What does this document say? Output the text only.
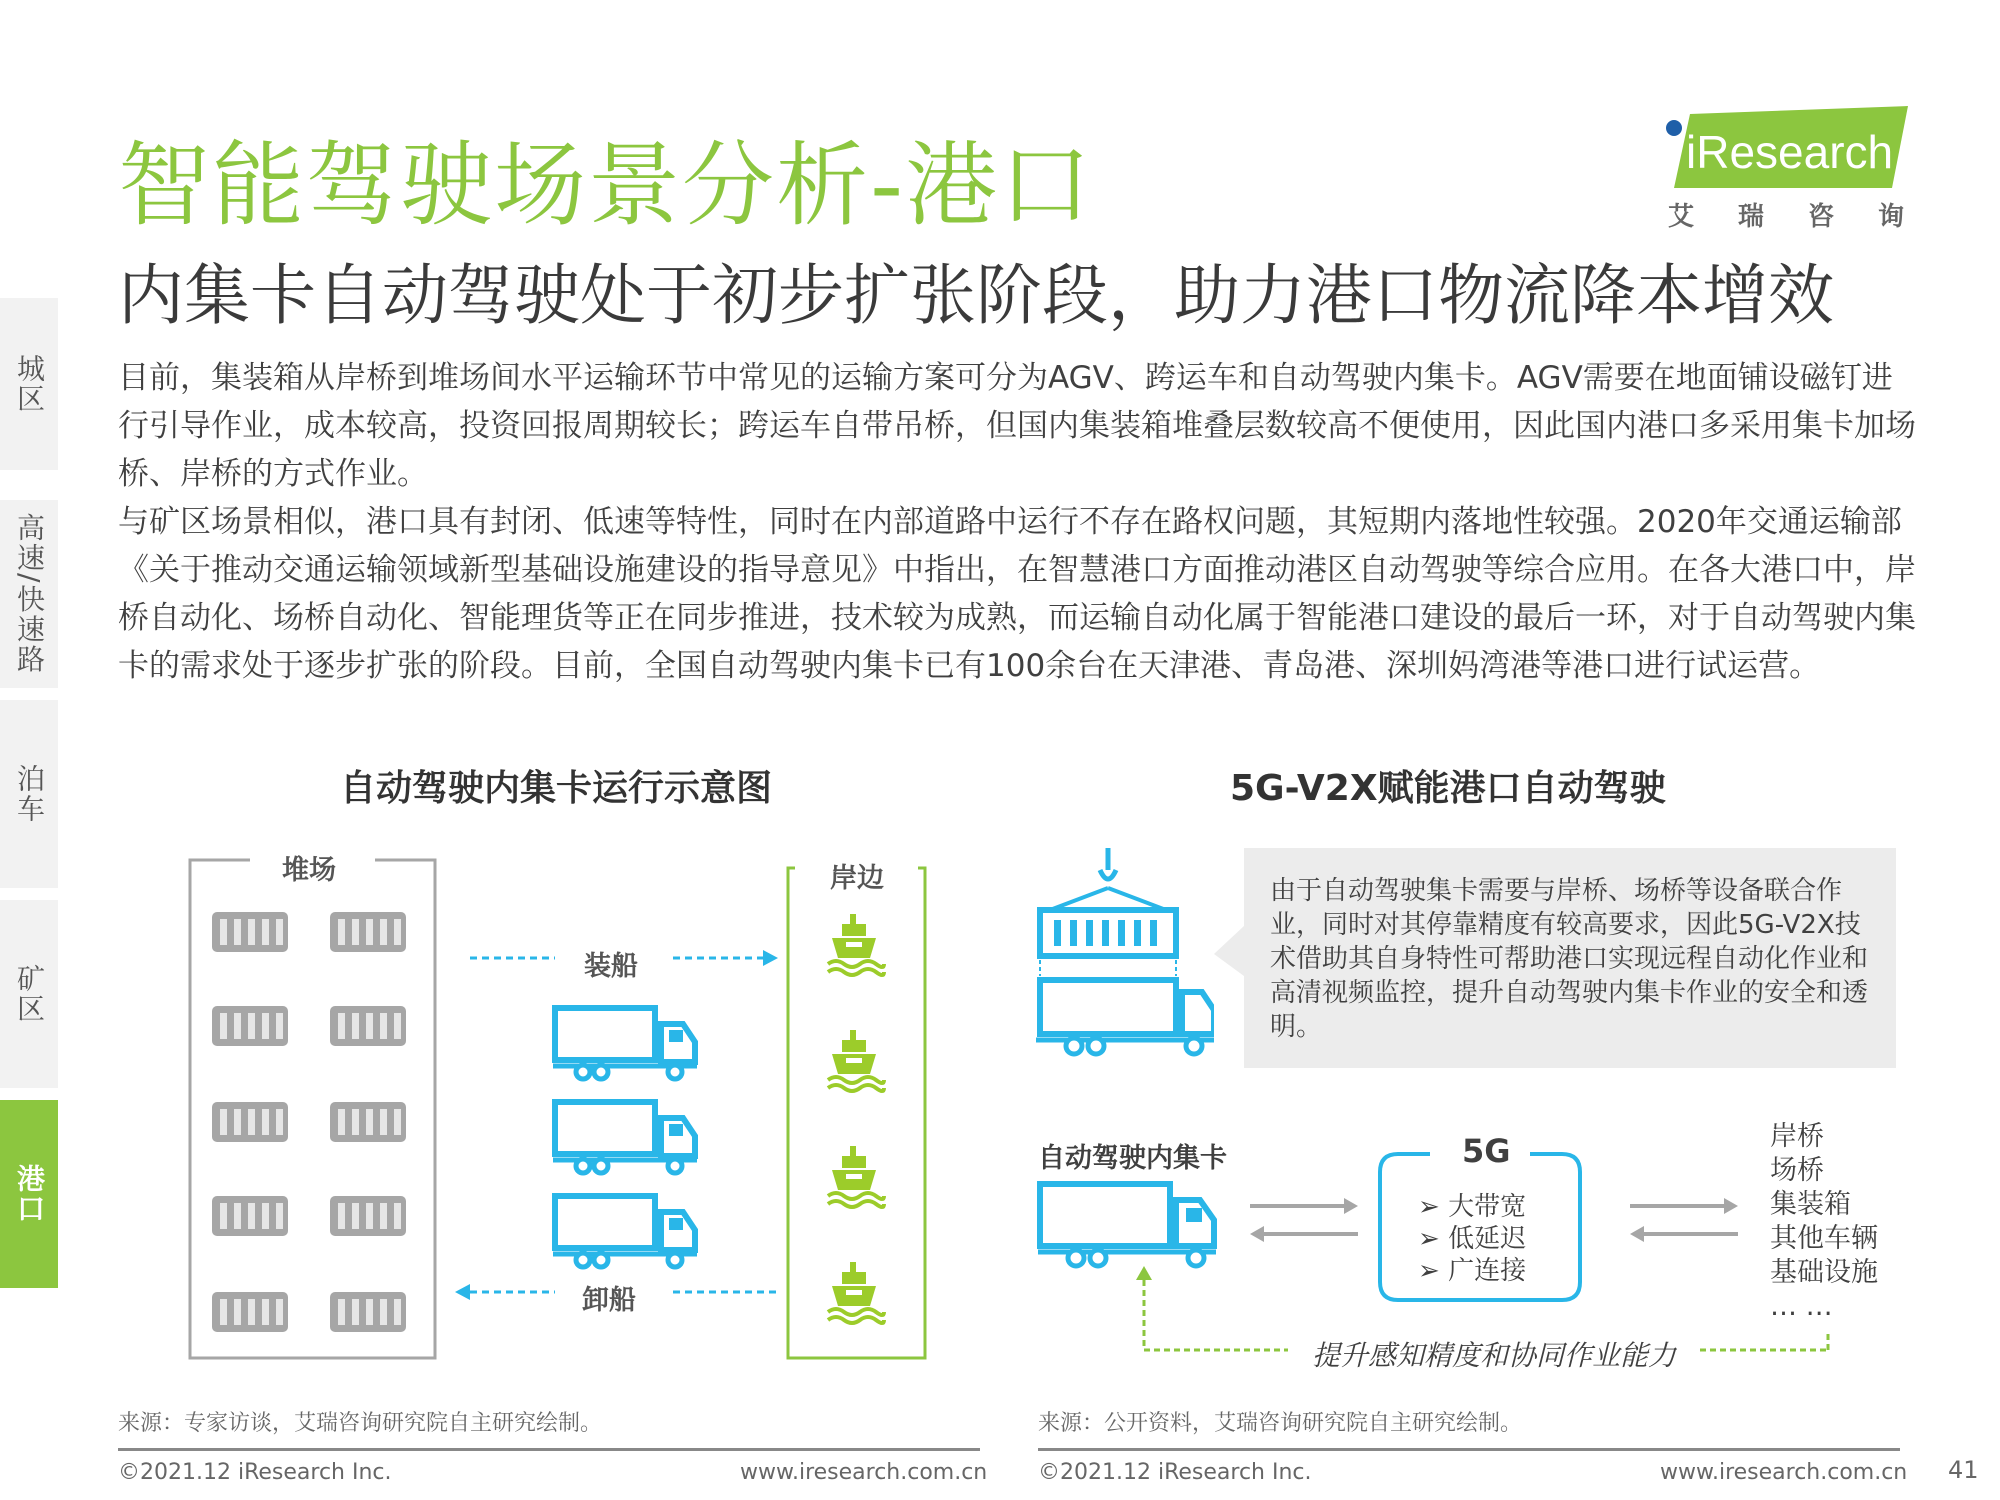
城区
高速/快速路
泊车
矿区
港口
智能驾驶场景分析-港口	iResearch
艾瑞咨询
内集卡自动驾驶处于初步扩张阶段，助力港口物流降本增效
目前，集装箱从岸桥到堆场间水平运输环节中常见的运输方案可分为AGV、跨运车和自动驾驶内集卡。AGV需要在地面铺设磁钉进行引导作业，成本较高，投资回报周期较长；跨运车自带吊桥，但国内集装箱堆叠层数较高不便使用，因此国内港口多采用集卡加场桥、岸桥的方式作业。
与矿区场景相似，港口具有封闭、低速等特性，同时在内部道路中运行不存在路权问题，其短期内落地性较强。2020年交通运输部《关于推动交通运输领域新型基础设施建设的指导意见》中指出，在智慧港口方面推动港区自动驾驶等综合应用。在各大港口中，岸桥自动化、场桥自动化、智能理货等正在同步推进，技术较为成熟，而运输自动化属于智能港口建设的最后一环，对于自动驾驶内集卡的需求处于逐步扩张的阶段。目前，全国自动驾驶内集卡已有100余台在天津港、青岛港、深圳妈湾港等港口进行试运营。
自动驾驶内集卡运行示意图
堆场	岸边
装船
卸船
5G-V2X赋能港口自动驾驶
由于自动驾驶集卡需要与岸桥、场桥等设备联合作业，同时对其停靠精度有较高要求，因此5G-V2X技术借助其自身特性可帮助港口实现远程自动化作业和高清视频监控，提升自动驾驶内集卡作业的安全和透明。
自动驾驶内集卡	5G
➢ 大带宽
➢ 低延迟
➢ 广连接
岸桥
场桥
集装箱
其他车辆
基础设施
… …
提升感知精度和协同作业能力
来源：专家访谈，艾瑞咨询研究院自主研究绘制。	来源：公开资料，艾瑞咨询研究院自主研究绘制。
©2021.12 iResearch Inc.	www.iresearch.com.cn ©2021.12 iResearch Inc.	www.iresearch.com.cn 41
